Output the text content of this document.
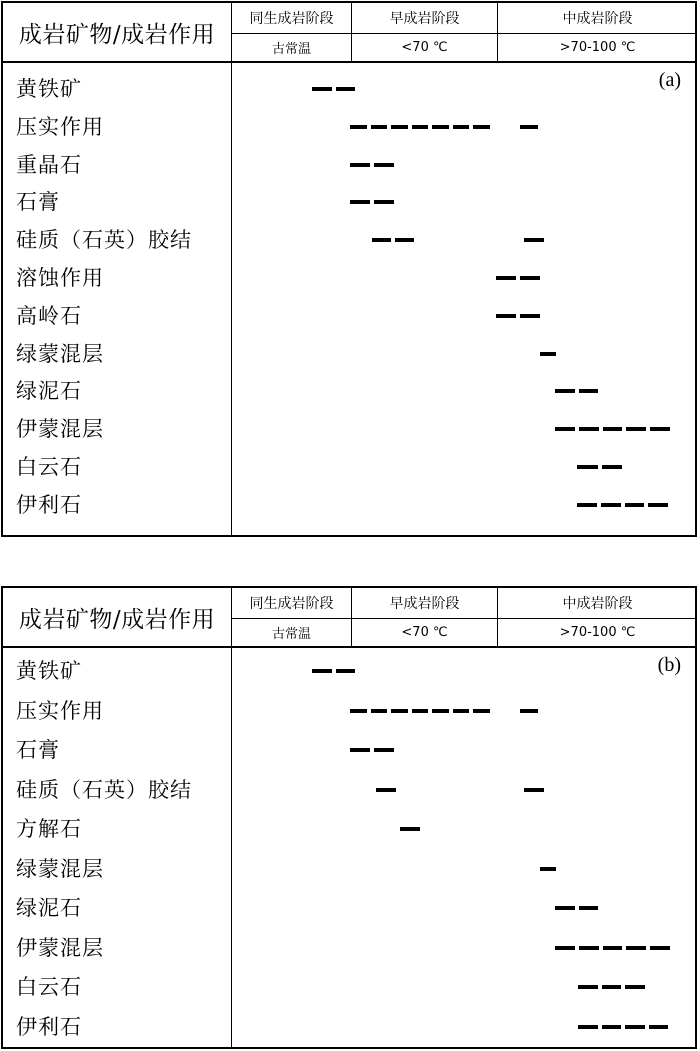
成岩矿物/成岩作用
同生成岩阶段	早成岩阶段	中成岩阶段
古常温	<70 ℃	>70-100 ℃
(a)
黄铁矿
压实作用
重晶石
石膏
硅质（石英）胶结
溶蚀作用
高岭石
绿蒙混层
绿泥石
伊蒙混层
白云石
伊利石
成岩矿物/成岩作用
同生成岩阶段	早成岩阶段	中成岩阶段
古常温	<70 ℃	>70-100 ℃
(b)
黄铁矿
压实作用
石膏
硅质（石英）胶结
方解石
绿蒙混层
绿泥石
伊蒙混层
白云石
伊利石
